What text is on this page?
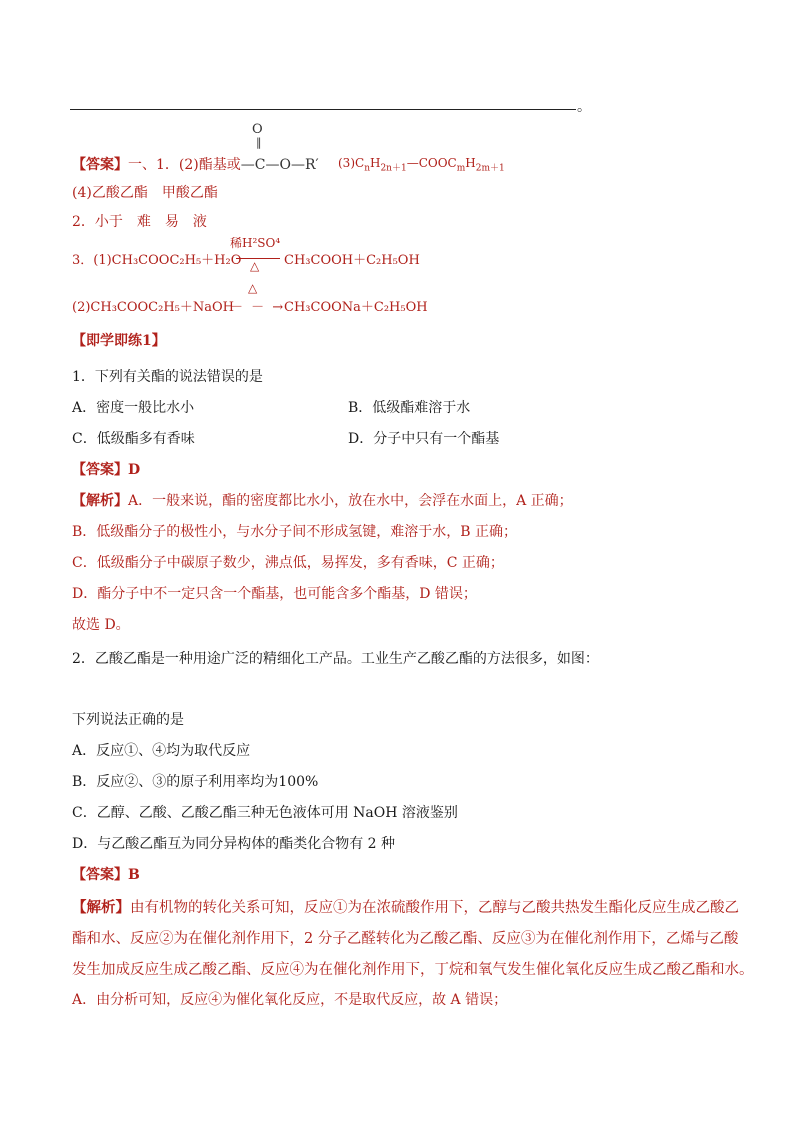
。
O
‖
【答案】一、1．(2)酯基或—C—O—R′ $(3)C_nH_{2n+1}—COOC_mH_{2m+1}$
(4)乙酸乙酯　甲酸乙酯
2．小于　难　易　液
稀H²SO⁴
3．(1)CH₃COOC₂H₅＋H₂O △ CH₃COOH＋C₂H₅OH
△
(2)CH₃COOC₂H₅＋NaOH
－ － →
CH₃COONa＋C₂H₅OH
【即学即练1】
1．下列有关酯的说法错误的是
A．密度一般比水小	B．低级酯难溶于水
C．低级酯多有香味	D．分子中只有一个酯基
【答案】D
【解析】A．一般来说，酯的密度都比水小，放在水中，会浮在水面上，A 正确；
B．低级酯分子的极性小，与水分子间不形成氢键，难溶于水，B 正确；
C．低级酯分子中碳原子数少，沸点低，易挥发，多有香味，C 正确；
D．酯分子中不一定只含一个酯基，也可能含多个酯基，D 错误；
故选 D。
2．乙酸乙酯是一种用途广泛的精细化工产品。工业生产乙酸乙酯的方法很多，如图：
下列说法正确的是
A．反应①、④均为取代反应
B．反应②、③的原子利用率均为100%
C．乙醇、乙酸、乙酸乙酯三种无色液体可用 NaOH 溶液鉴别
D．与乙酸乙酯互为同分异构体的酯类化合物有 2 种
【答案】B
【解析】由有机物的转化关系可知，反应①为在浓硫酸作用下，乙醇与乙酸共热发生酯化反应生成乙酸乙
酯和水、反应②为在催化剂作用下，2 分子乙醛转化为乙酸乙酯、反应③为在催化剂作用下，乙烯与乙酸
发生加成反应生成乙酸乙酯、反应④为在催化剂作用下，丁烷和氧气发生催化氧化反应生成乙酸乙酯和水。
A．由分析可知，反应④为催化氧化反应，不是取代反应，故 A 错误；
